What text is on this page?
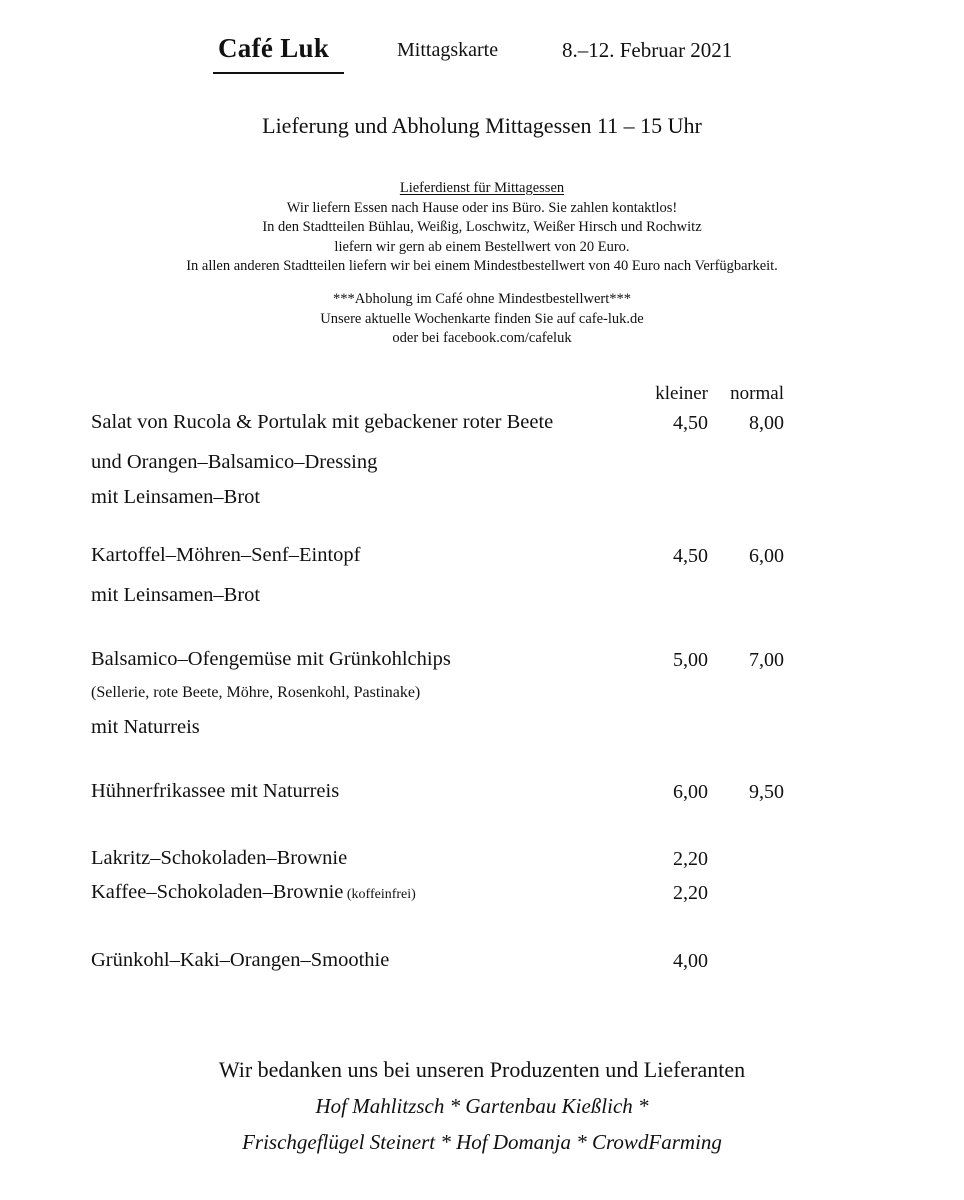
Café Luk	Mittagskarte	8.–12. Februar 2021
Lieferung und Abholung Mittagessen 11 – 15 Uhr
Lieferdienst für Mittagessen
Wir liefern Essen nach Hause oder ins Büro. Sie zahlen kontaktlos!
In den Stadtteilen Bühlau, Weißig, Loschwitz, Weißer Hirsch und Rochwitz
liefern wir gern ab einem Bestellwert von 20 Euro.
In allen anderen Stadtteilen liefern wir bei einem Mindestbestellwert von 40 Euro nach Verfügbarkeit.
***Abholung im Café ohne Mindestbestellwert***
Unsere aktuelle Wochenkarte finden Sie auf cafe-luk.de
oder bei facebook.com/cafeluk
kleiner	normal
Salat von Rucola & Portulak mit gebackener roter Beete	4,50	8,00
und Orangen–Balsamico–Dressing
mit Leinsamen–Brot
Kartoffel–Möhren–Senf–Eintopf	4,50	6,00
mit Leinsamen–Brot
Balsamico–Ofengemüse mit Grünkohlchips	5,00	7,00
(Sellerie, rote Beete, Möhre, Rosenkohl, Pastinake)
mit Naturreis
Hühnerfrikassee mit Naturreis	6,00	9,50
Lakritz–Schokoladen–Brownie	2,20
Kaffee–Schokoladen–Brownie (koffeinfrei)	2,20
Grünkohl–Kaki–Orangen–Smoothie	4,00
Wir bedanken uns bei unseren Produzenten und Lieferanten
Hof Mahlitzsch * Gartenbau Kießlich *
Frischgeflügel Steinert * Hof Domanja * CrowdFarming
